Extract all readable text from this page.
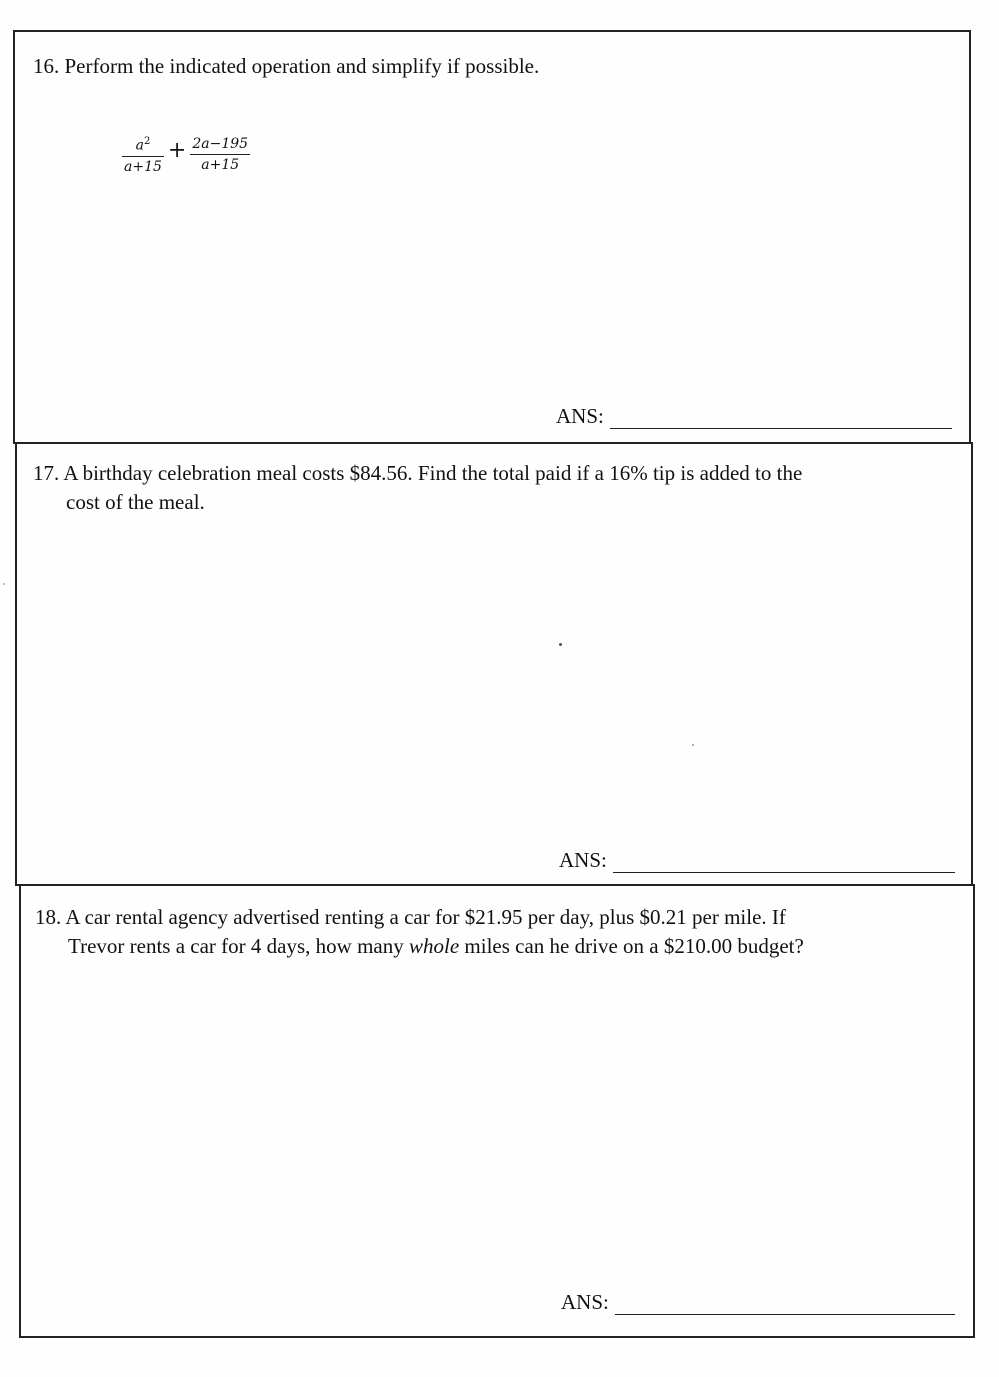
16. Perform the indicated operation and simplify if possible.

$\frac{a^2}{a+15} + \frac{2a-195}{a+15}$
ANS:

17. A birthday celebration meal costs $84.56. Find the total paid if a 16% tip is added to the
cost of the meal.

ANS:

18. A car rental agency advertised renting a car for $21.95 per day, plus $0.21 per mile. If
Trevor rents a car for 4 days, how many whole miles can he drive on a $210.00 budget?

ANS:
